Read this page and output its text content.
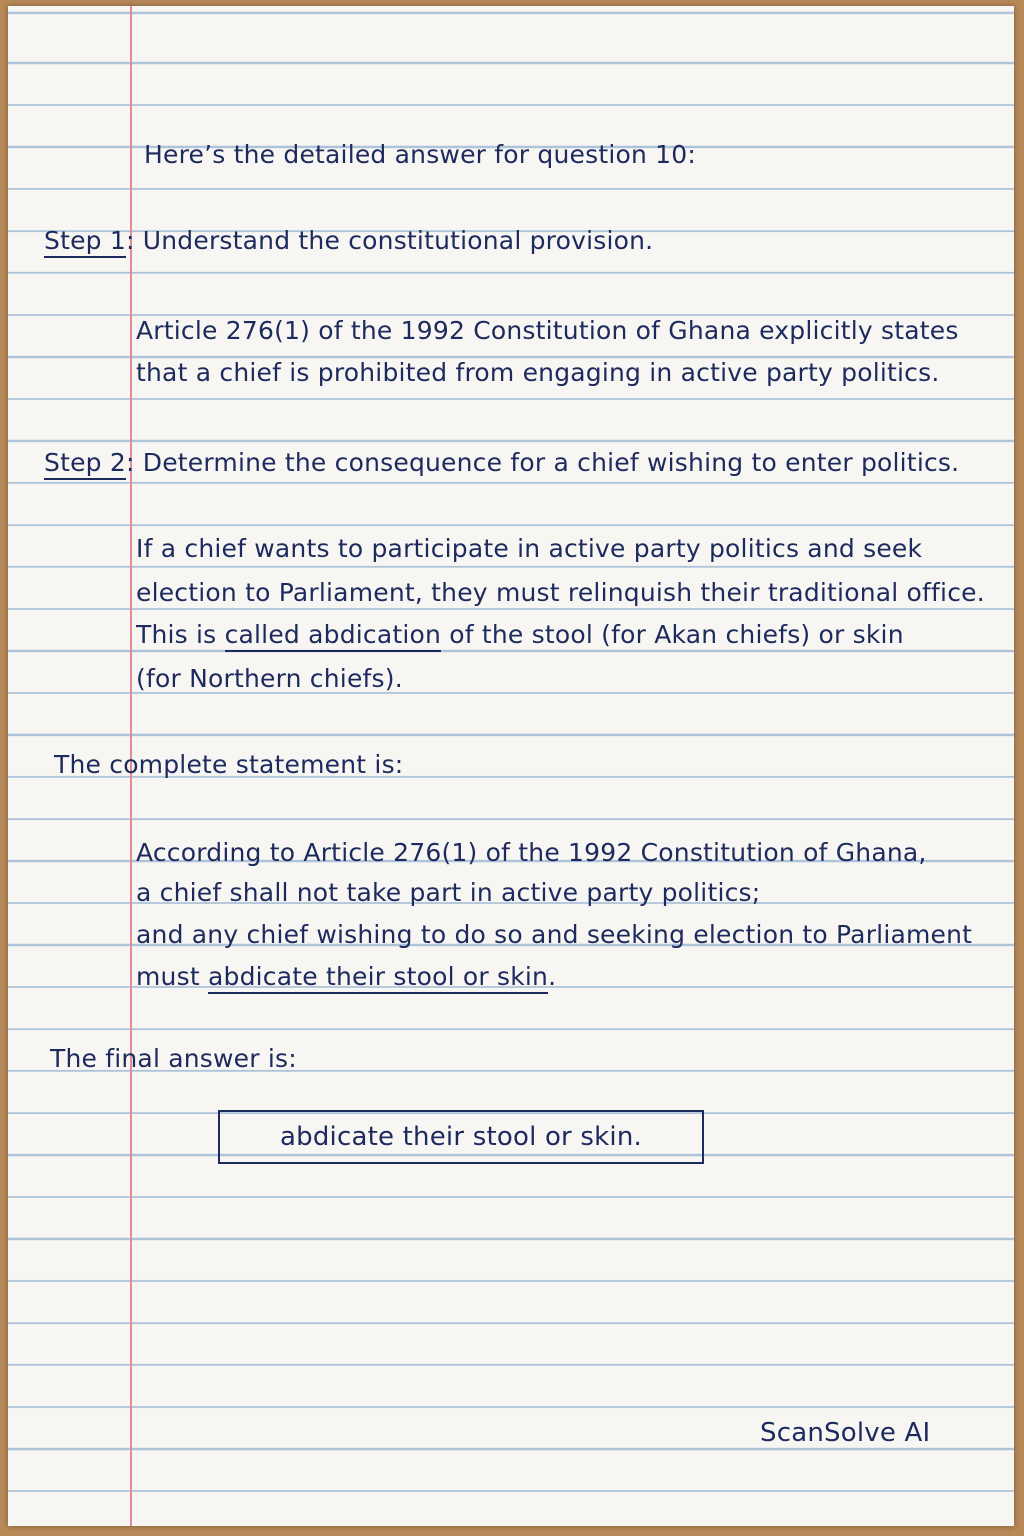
Here’s the detailed answer for question 10:
Step 1: Understand the constitutional provision.
Article 276(1) of the 1992 Constitution of Ghana explicitly states
that a chief is prohibited from engaging in active party politics.
Step 2: Determine the consequence for a chief wishing to enter politics.
If a chief wants to participate in active party politics and seek
election to Parliament, they must relinquish their traditional office.
This is called abdication of the stool (for Akan chiefs) or skin
(for Northern chiefs).
The complete statement is:
According to Article 276(1) of the 1992 Constitution of Ghana,
a chief shall not take part in active party politics;
and any chief wishing to do so and seeking election to Parliament
must abdicate their stool or skin.
The final answer is:
abdicate their stool or skin.
ScanSolve AI
